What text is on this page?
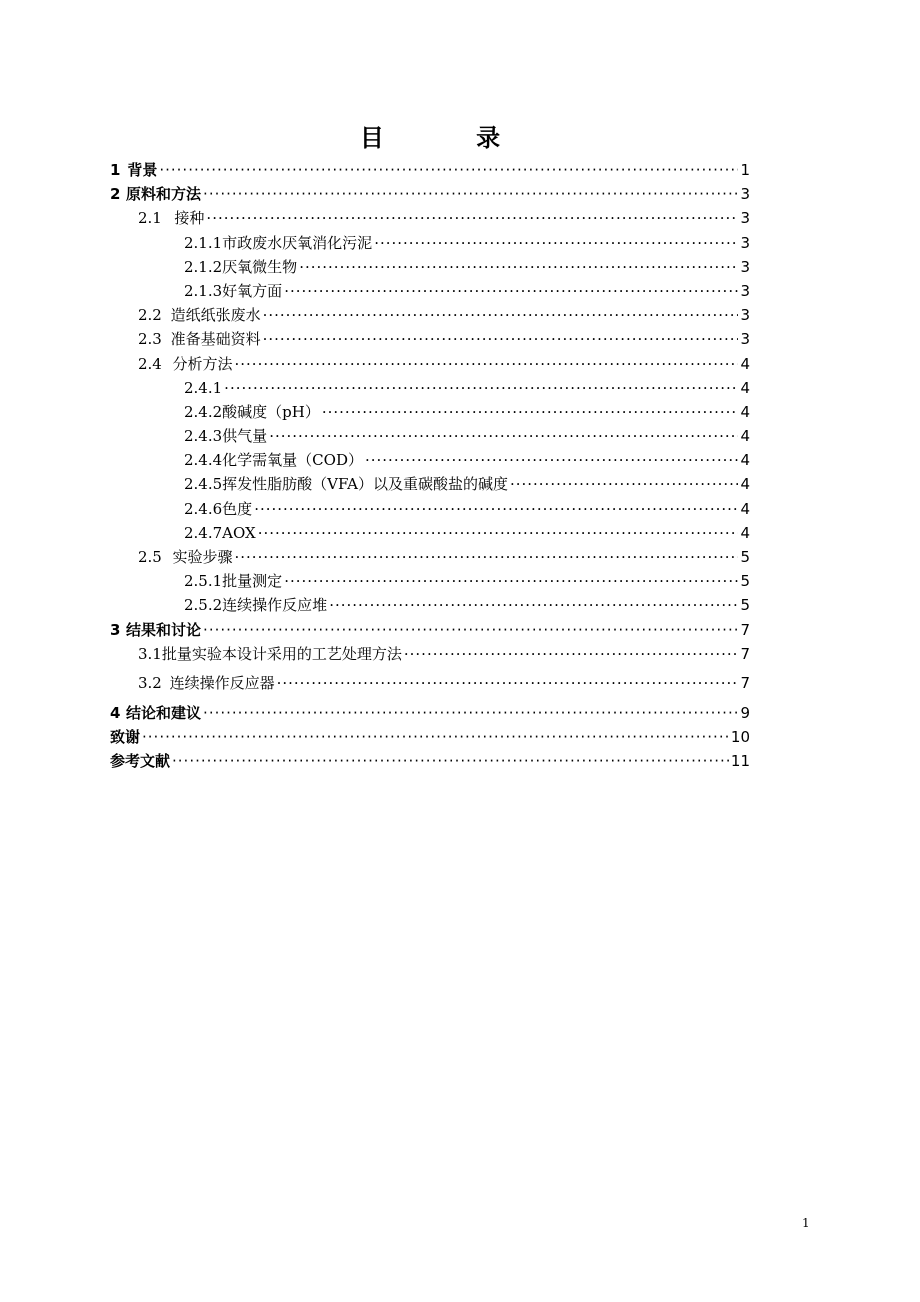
目 录
1 背景 ·····	1
2 原料和方法 ·····	3
2.1 接种 ·····	3
2.1.1 市政废水厌氧消化污泥 ·····	3
2.1.2 厌氧微生物 ·····	3
2.1.3 好氧方面 ·····	3
2.2 造纸纸张废水 ·····	3
2.3 准备基础资料 ·····	3
2.4 分析方法 ·····	4
2.4.1 ·····	4
2.4.2 酸碱度（pH） ·····	4
2.4.3 供气量 ·····	4
2.4.4 化学需氧量（COD） ·····	4
2.4.5 挥发性脂肪酸（VFA）以及重碳酸盐的碱度 ·····	4
2.4.6 色度 ·····	4
2.4.7 AOX ·····	4
2.5 实验步骤 ·····	5
2.5.1 批量测定 ·····	5
2.5.2 连续操作反应堆 ·····	5
3 结果和讨论 ·····	7
3.1 批量实验本设计采用的工艺处理方法 ·····	7
3.2 连续操作反应器 ·····	7
4 结论和建议 ·····	9
致谢 ·····	10
参考文献 ·····	11
1
